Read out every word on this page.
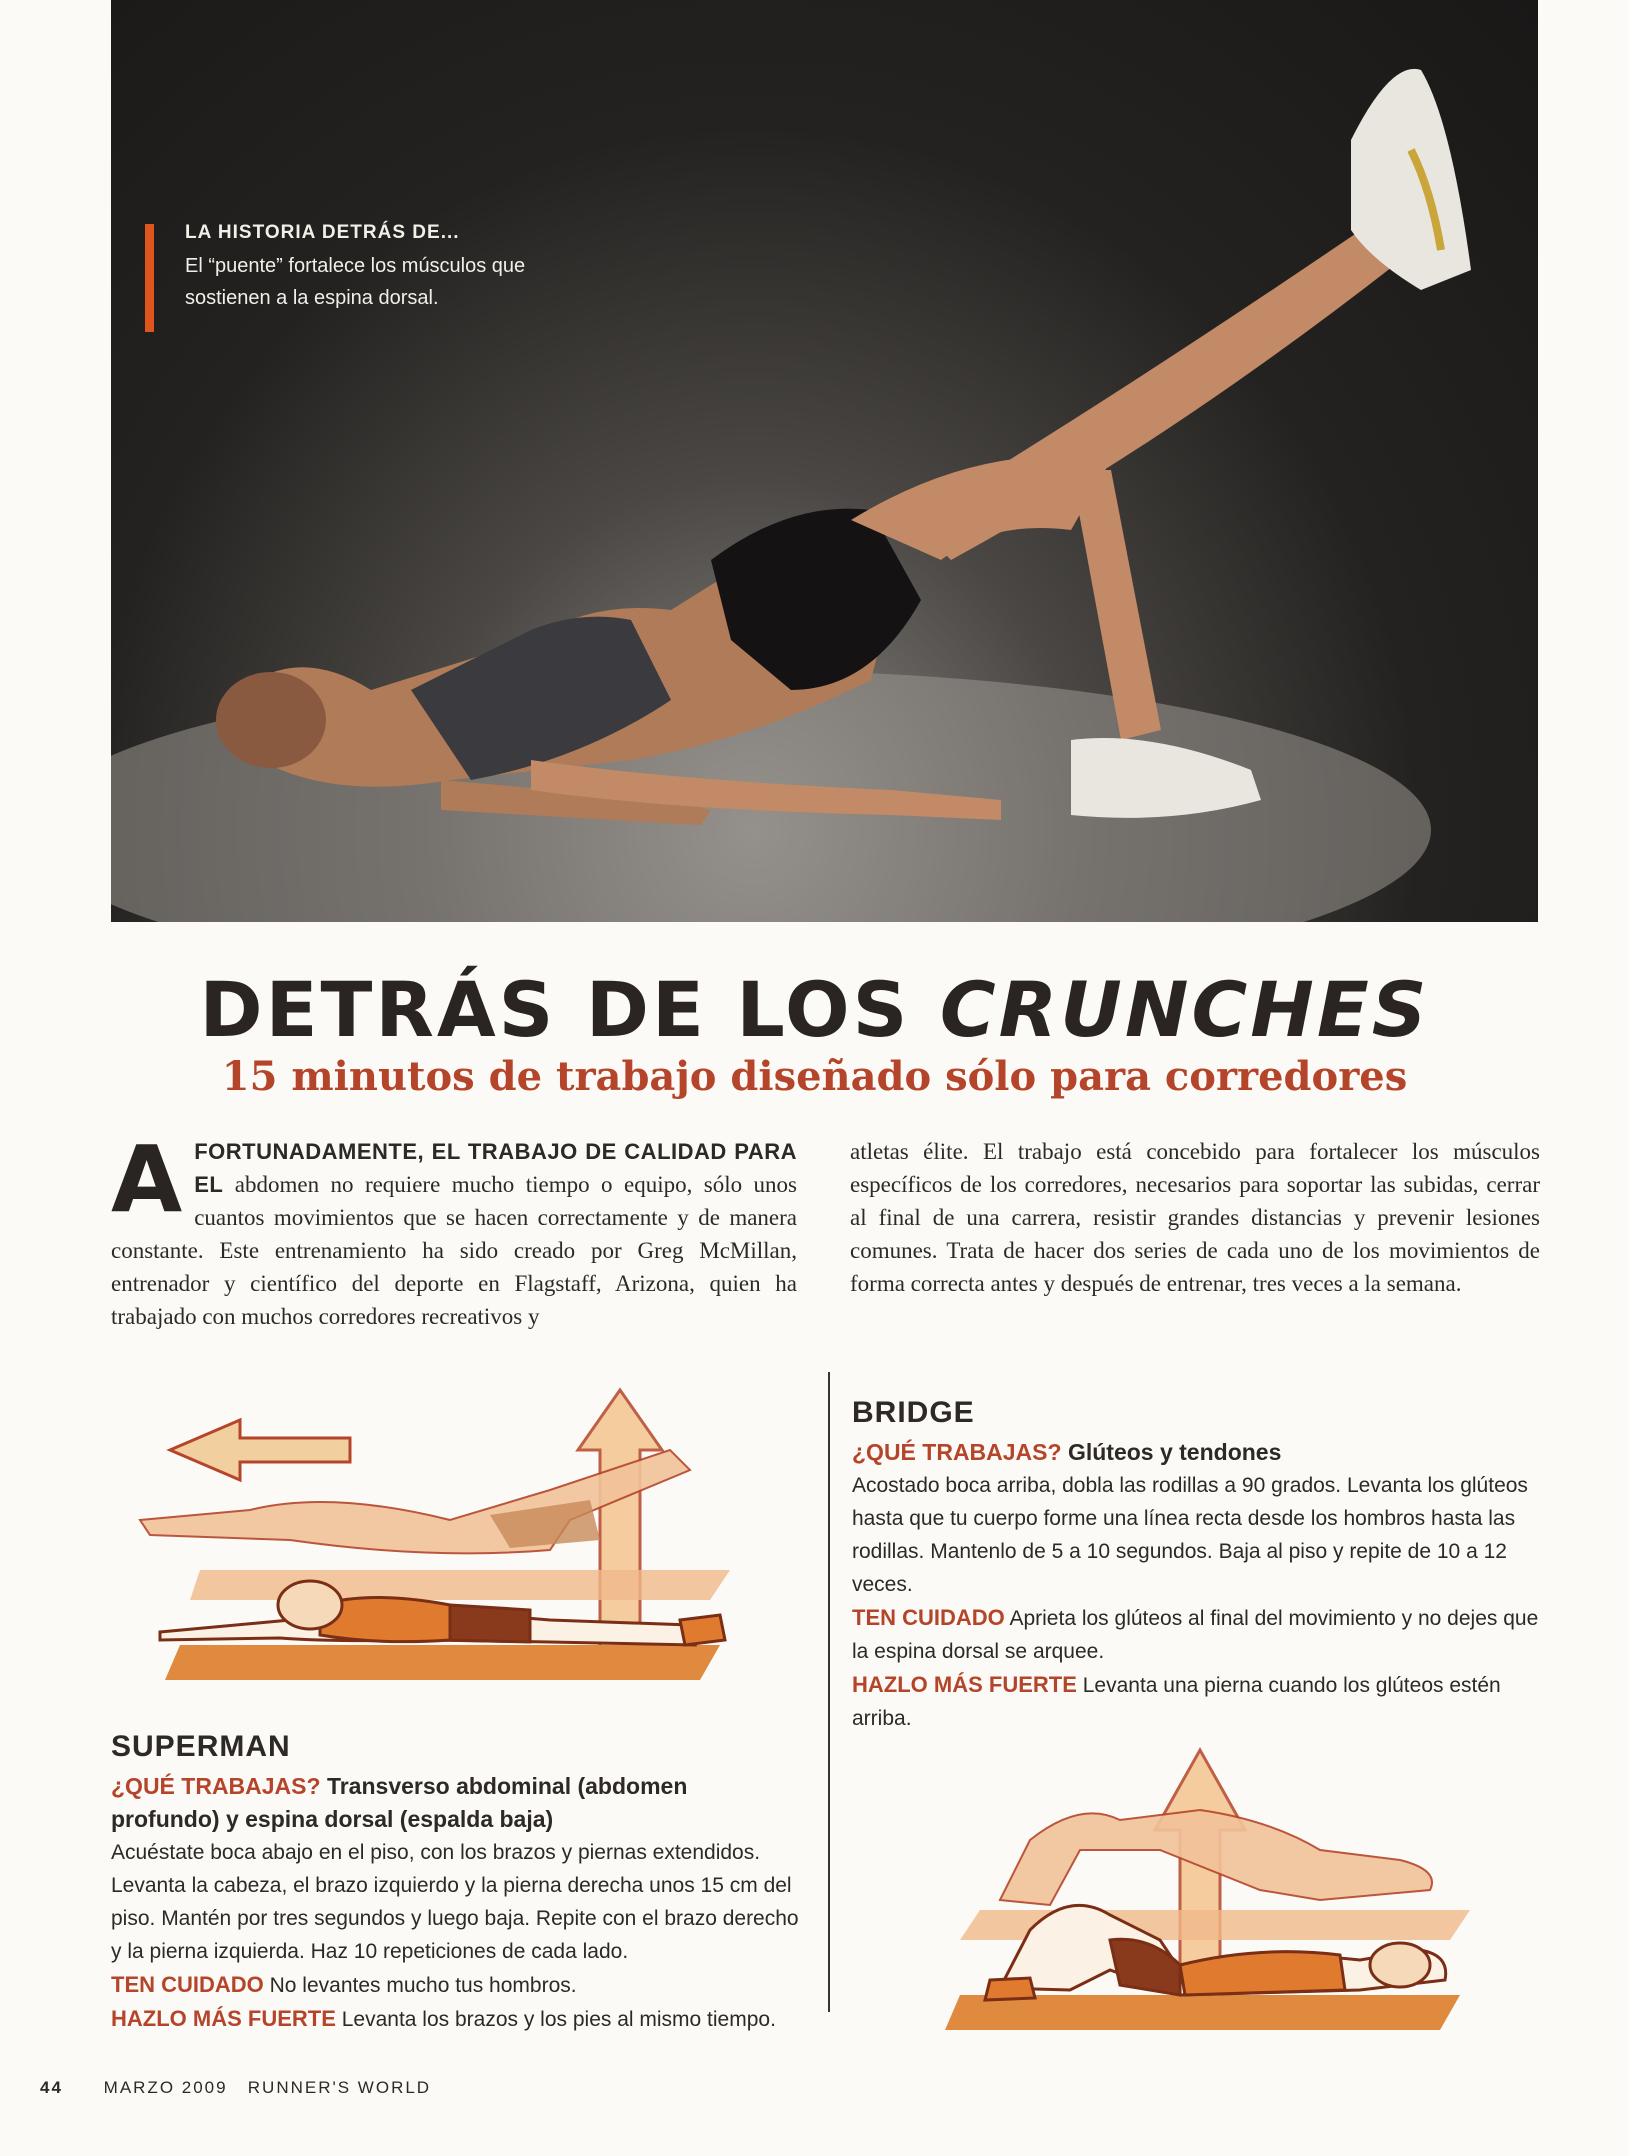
LA HISTORIA DETRÁS DE...
El “puente” fortalece los músculos que
sostienen a la espina dorsal.
DETRÁS DE LOS CRUNCHES
15 minutos de trabajo diseñado sólo para corredores
AFORTUNADAMENTE, EL TRABAJO DE CALIDAD PARA EL abdomen no requiere mucho tiempo o equipo, sólo unos cuantos movimientos que se hacen correctamente y de manera constante. Este entrenamiento ha sido creado por Greg McMillan, entrenador y científico del deporte en Flagstaff, Arizona, quien ha trabajado con muchos corredores recreativos y
atletas élite. El trabajo está concebido para fortalecer los músculos específicos de los corredores, necesarios para soportar las subidas, cerrar al final de una carrera, resistir grandes distancias y prevenir lesiones comunes. Trata de hacer dos series de cada uno de los movimientos de forma correcta antes y después de entrenar, tres veces a la semana.
SUPERMAN
¿QUÉ TRABAJAS? Transverso abdominal (abdomen profundo) y espina dorsal (espalda baja)
Acuéstate boca abajo en el piso, con los brazos y piernas extendidos. Levanta la cabeza, el brazo izquierdo y la pierna derecha unos 15 cm del piso. Mantén por tres segundos y luego baja. Repite con el brazo derecho y la pierna izquierda. Haz 10 repeticiones de cada lado.
TEN CUIDADO No levantes mucho tus hombros.
HAZLO MÁS FUERTE Levanta los brazos y los pies al mismo tiempo.
BRIDGE
¿QUÉ TRABAJAS? Glúteos y tendones
Acostado boca arriba, dobla las rodillas a 90 grados. Levanta los glúteos hasta que tu cuerpo forme una línea recta desde los hombros hasta las rodillas. Mantenlo de 5 a 10 segundos. Baja al piso y repite de 10 a 12 veces.
TEN CUIDADO Aprieta los glúteos al final del movimiento y no dejes que la espina dorsal se arquee.
HAZLO MÁS FUERTE Levanta una pierna cuando los glúteos estén arriba.
44 MARZO 2009 RUNNER'S WORLD
